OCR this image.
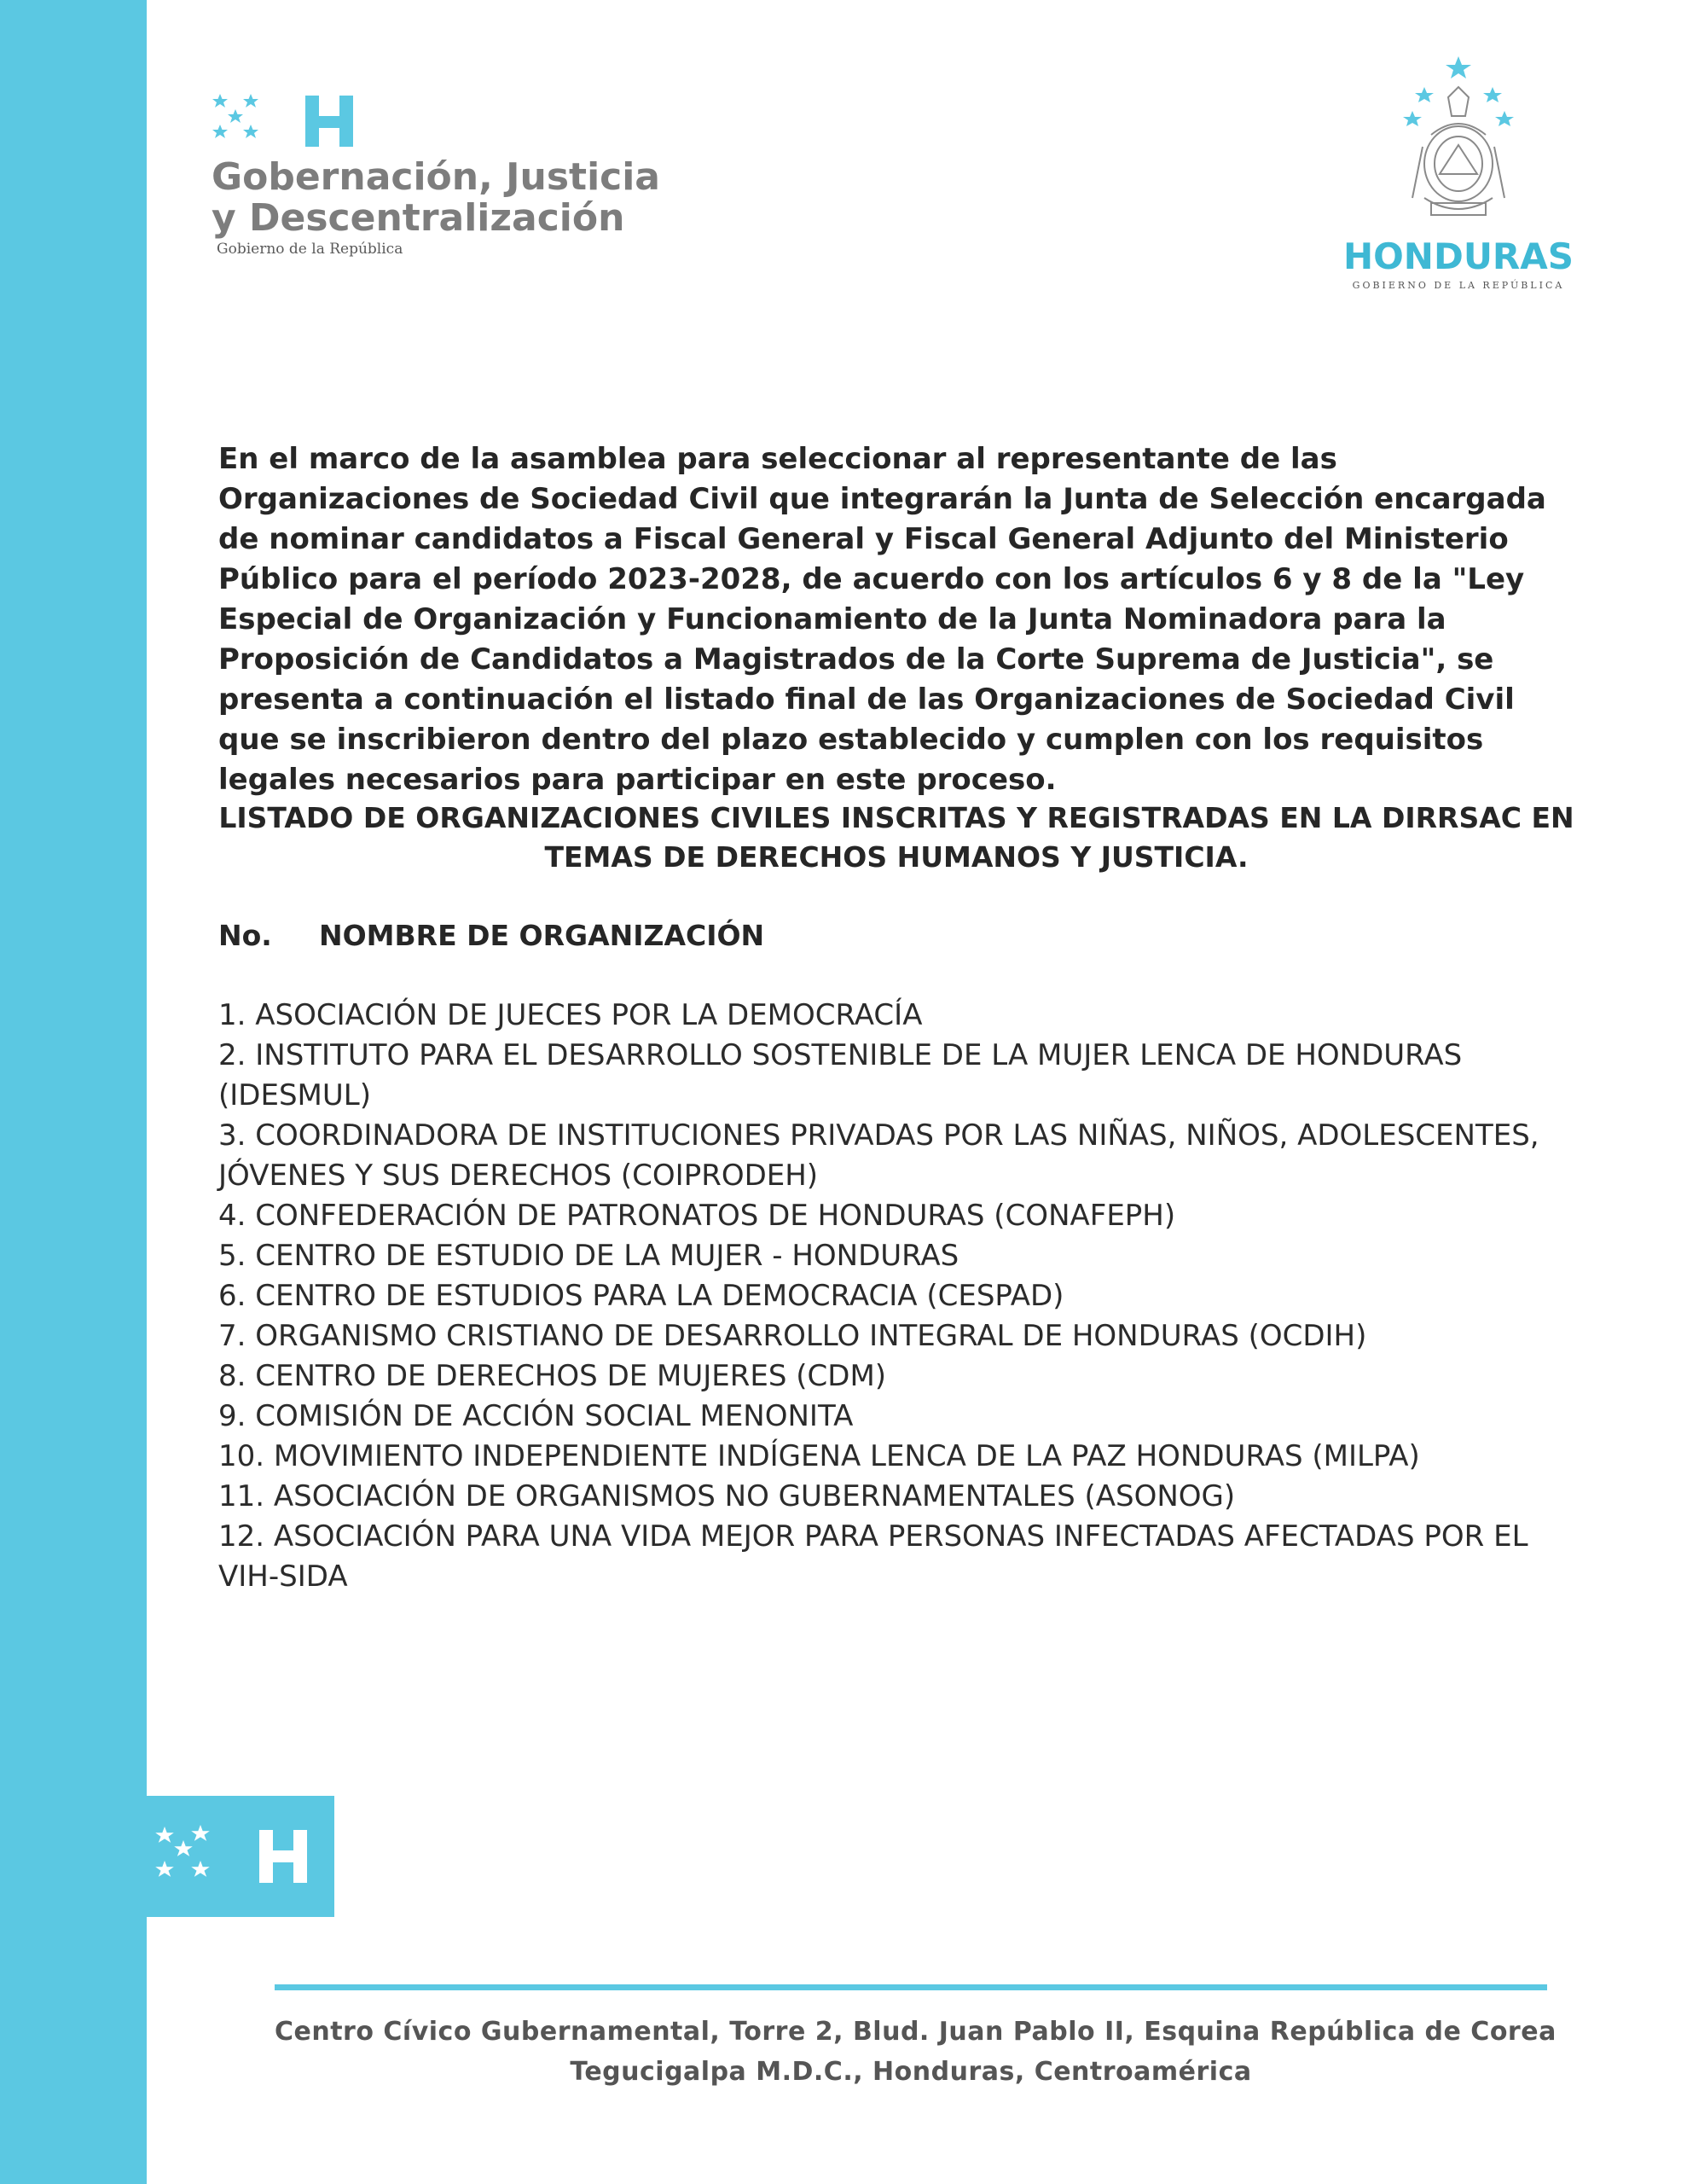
Gobernación, Justicia
y Descentralización
Gobierno de la República	HONDURAS
GOBIERNO DE LA REPÚBLICA

En el marco de la asamblea para seleccionar al representante de las Organizaciones de Sociedad Civil que integrarán la Junta de Selección encargada de nominar candidatos a Fiscal General y Fiscal General Adjunto del Ministerio Público para el período 2023-2028, de acuerdo con los artículos 6 y 8 de la "Ley Especial de Organización y Funcionamiento de la Junta Nominadora para la Proposición de Candidatos a Magistrados de la Corte Suprema de Justicia", se presenta a continuación el listado final de las Organizaciones de Sociedad Civil que se inscribieron dentro del plazo establecido y cumplen con los requisitos legales necesarios para participar en este proceso.

LISTADO DE ORGANIZACIONES CIVILES INSCRITAS Y REGISTRADAS EN LA DIRRSAC EN
TEMAS DE DERECHOS HUMANOS Y JUSTICIA.
No. NOMBRE DE ORGANIZACIÓN
1. ASOCIACIÓN DE JUECES POR LA DEMOCRACÍA
2. INSTITUTO PARA EL DESARROLLO SOSTENIBLE DE LA MUJER LENCA DE HONDURAS (IDESMUL)
3. COORDINADORA DE INSTITUCIONES PRIVADAS POR LAS NIÑAS, NIÑOS, ADOLESCENTES, JÓVENES Y SUS DERECHOS (COIPRODEH)
4. CONFEDERACIÓN DE PATRONATOS DE HONDURAS (CONAFEPH)
5. CENTRO DE ESTUDIO DE LA MUJER - HONDURAS
6. CENTRO DE ESTUDIOS PARA LA DEMOCRACIA (CESPAD)
7. ORGANISMO CRISTIANO DE DESARROLLO INTEGRAL DE HONDURAS (OCDIH)
8. CENTRO DE DERECHOS DE MUJERES (CDM)
9. COMISIÓN DE ACCIÓN SOCIAL MENONITA
10. MOVIMIENTO INDEPENDIENTE INDÍGENA LENCA DE LA PAZ HONDURAS (MILPA)
11. ASOCIACIÓN DE ORGANISMOS NO GUBERNAMENTALES (ASONOG)
12. ASOCIACIÓN PARA UNA VIDA MEJOR PARA PERSONAS INFECTADAS AFECTADAS POR EL VIH-SIDA
Centro Cívico Gubernamental, Torre 2, Blud. Juan Pablo II, Esquina República de Corea
Tegucigalpa M.D.C., Honduras, Centroamérica
